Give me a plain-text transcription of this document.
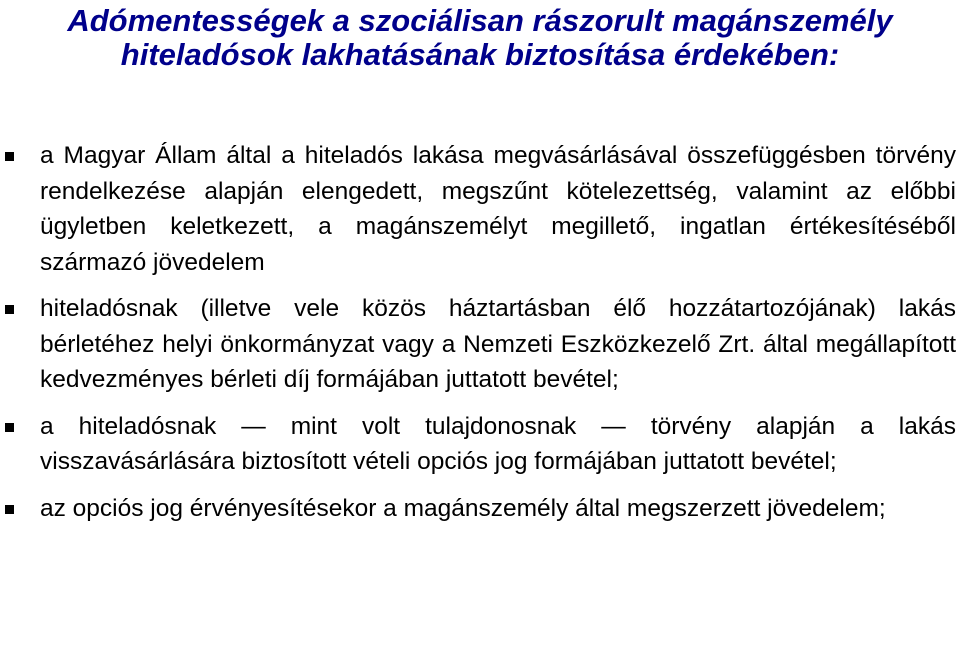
Adómentességek a szociálisan rászorult magánszemély
hiteladósok lakhatásának biztosítása érdekében:
a Magyar Állam által a hiteladós lakása megvásárlásával összefüggésben törvény rendelkezése alapján elengedett, megszűnt kötelezettség, valamint az előbbi ügyletben keletkezett, a magánszemélyt megillető, ingatlan értékesítéséből származó jövedelem
hiteladósnak (illetve vele közös háztartásban élő hozzátartozójának) lakás bérletéhez helyi önkormányzat vagy a Nemzeti Eszközkezelő Zrt. által megállapított kedvezményes bérleti díj formájában juttatott bevétel;
a hiteladósnak ― mint volt tulajdonosnak ― törvény alapján a lakás visszavásárlására biztosított vételi opciós jog formájában juttatott bevétel;
az opciós jog érvényesítésekor a magánszemély által megszerzett jövedelem;
